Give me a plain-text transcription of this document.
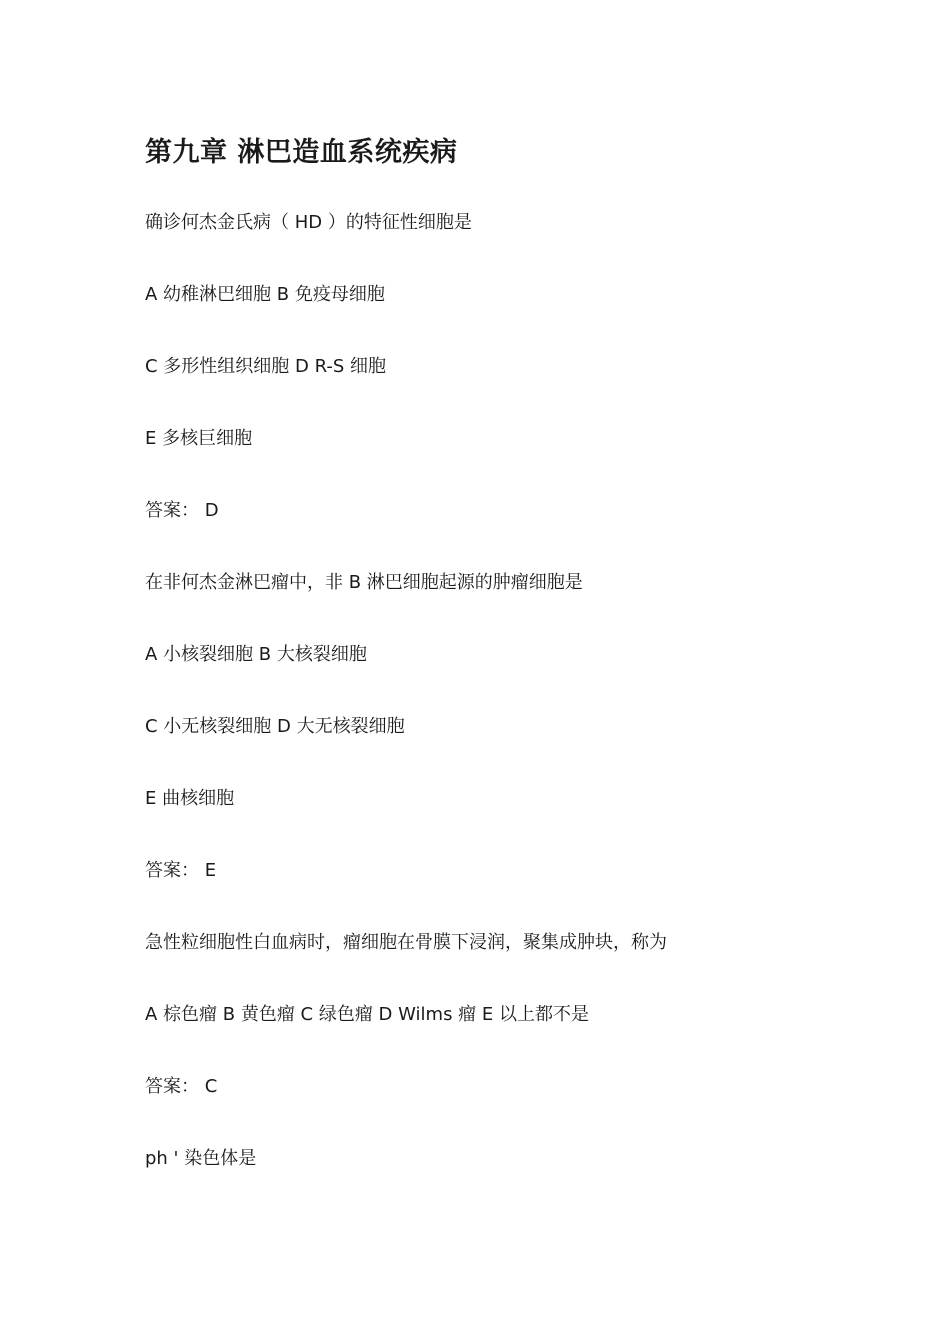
第九章 淋巴造血系统疾病

确诊何杰金氏病（ HD ）的特征性细胞是

A 幼稚淋巴细胞 B 免疫母细胞

C 多形性组织细胞 D R-S 细胞

E 多核巨细胞

答案： D

在非何杰金淋巴瘤中，非 B 淋巴细胞起源的肿瘤细胞是

A 小核裂细胞 B 大核裂细胞

C 小无核裂细胞 D 大无核裂细胞

E 曲核细胞

答案： E

急性粒细胞性白血病时，瘤细胞在骨膜下浸润，聚集成肿块，称为

A 棕色瘤 B 黄色瘤 C 绿色瘤 D Wilms 瘤 E 以上都不是

答案： C

ph ' 染色体是
